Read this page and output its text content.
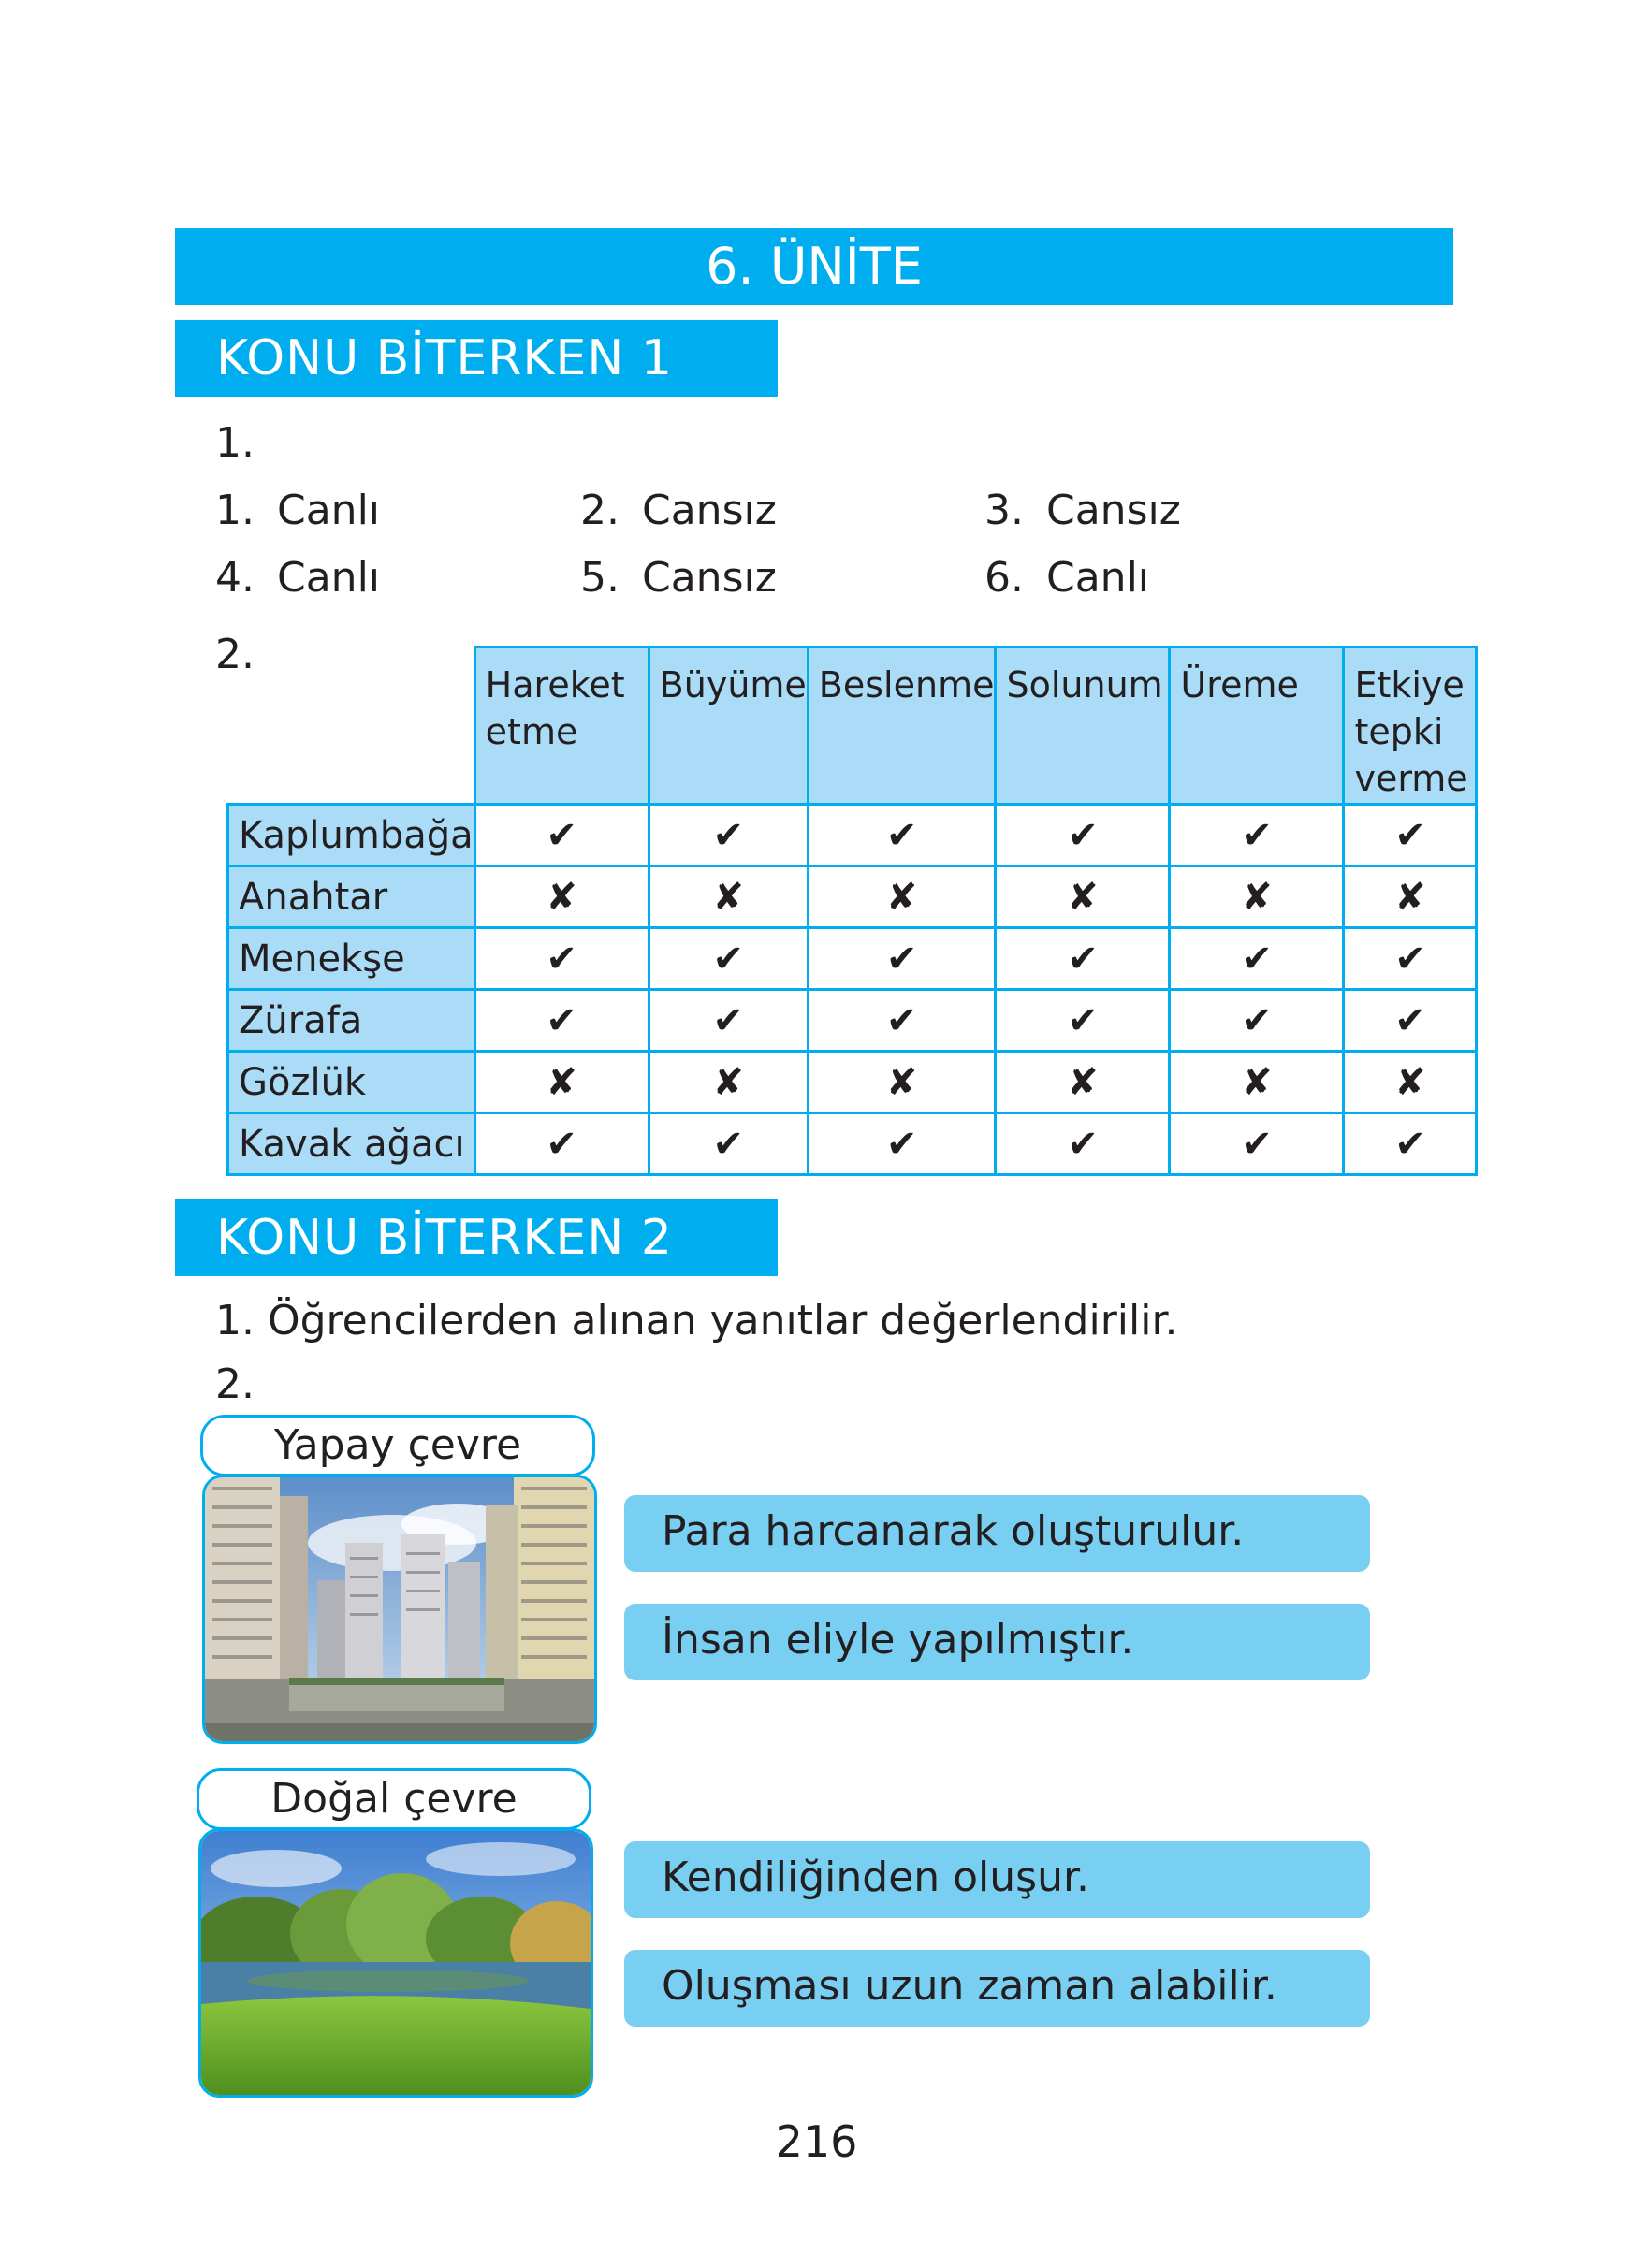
6. ÜNİTE
KONU BİTERKEN 1
1.
1. Canlı	2. Cansız	3. Cansız
4. Canlı	5. Cansız	6. Canlı
2.
	Hareket etme	Büyüme	Beslenme	Solunum	Üreme	Etkiye tepki verme
Kaplumbağa	✔	✔	✔	✔	✔	✔
Anahtar	✘	✘	✘	✘	✘	✘
Menekşe	✔	✔	✔	✔	✔	✔
Zürafa	✔	✔	✔	✔	✔	✔
Gözlük	✘	✘	✘	✘	✘	✘
Kavak ağacı	✔	✔	✔	✔	✔	✔
KONU BİTERKEN 2
1. Öğrencilerden alınan yanıtlar değerlendirilir.
2.
Yapay çevre
Para harcanarak oluşturulur.
İnsan eliyle yapılmıştır.
Doğal çevre
Kendiliğinden oluşur.
Oluşması uzun zaman alabilir.
216
